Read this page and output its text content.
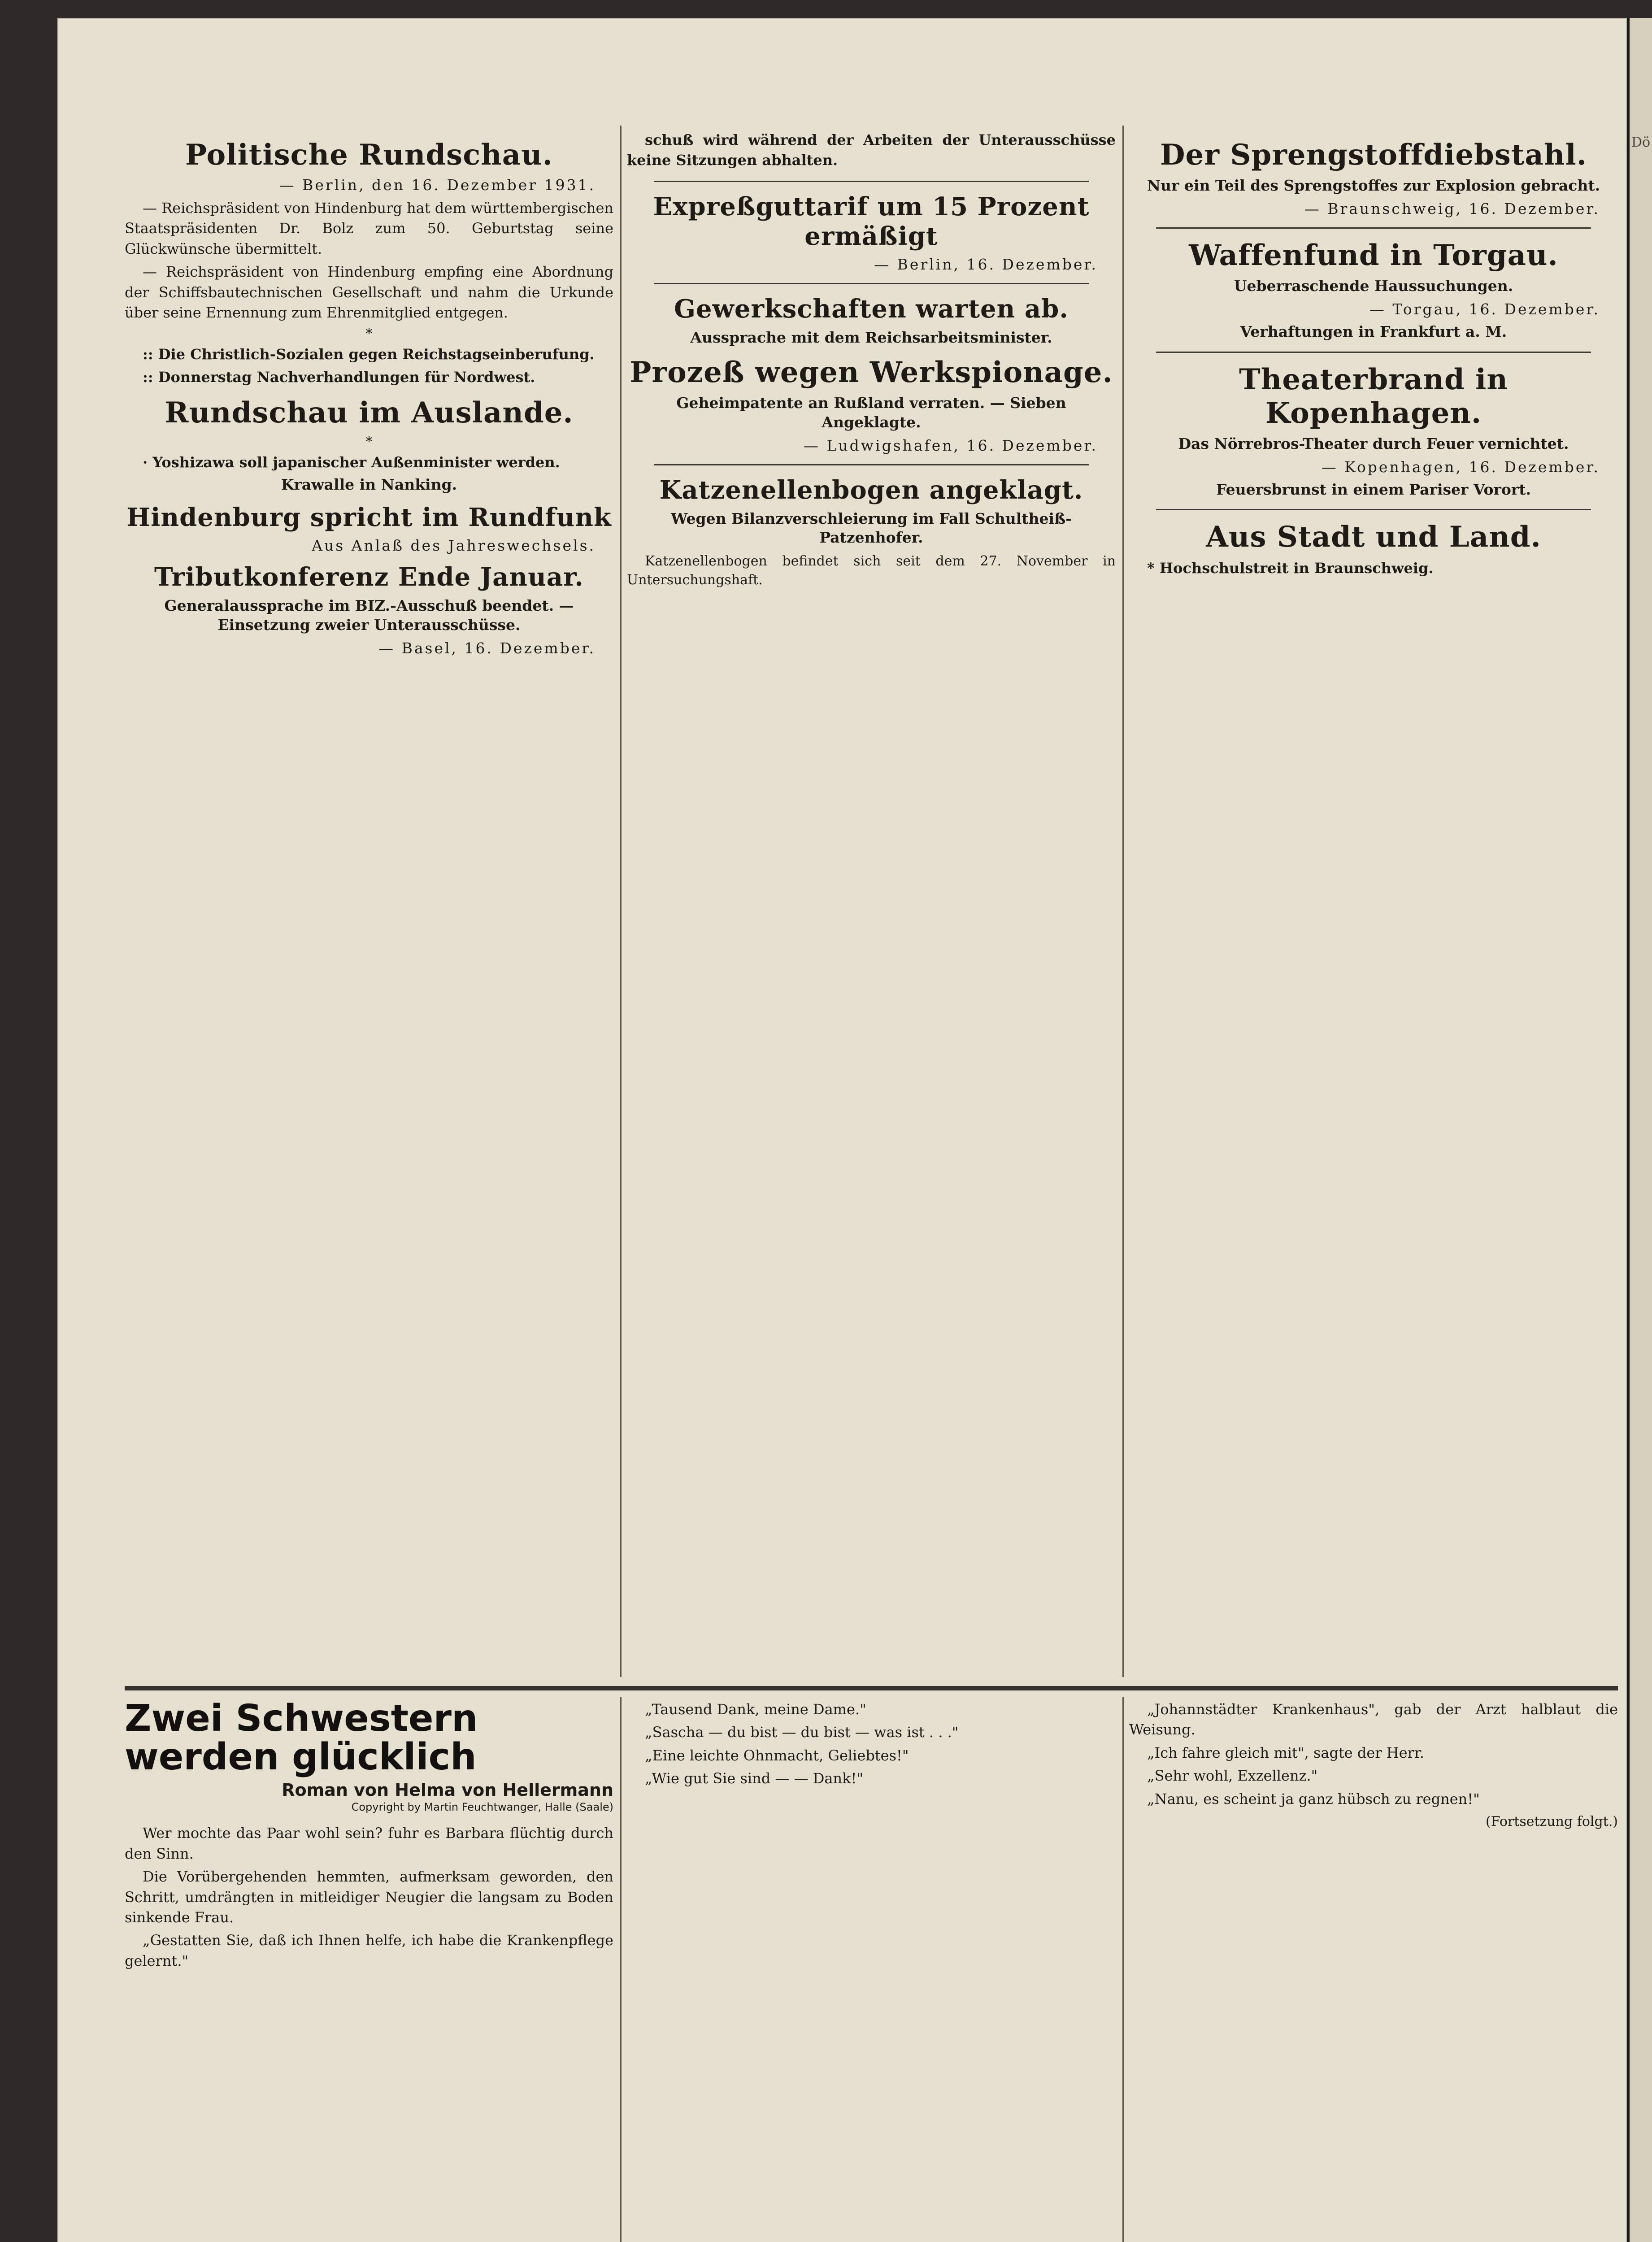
Politische Rundschau.
— Berlin, den 16. Dezember 1931.

— Reichspräsident von Hindenburg hat dem württembergischen Staatspräsidenten Dr. Bolz zum 50. Geburtstag seine Glückwünsche übermittelt.

— Reichspräsident von Hindenburg empfing eine Abordnung der Schiffsbautechnischen Gesellschaft und nahm die Urkunde über seine Ernennung zum Ehrenmitglied entgegen.

*

:: Die Christlich-Sozialen gegen Reichstagseinberufung.

:: Donnerstag Nachverhandlungen für Nordwest.

Rundschau im Auslande.
*

· Yoshizawa soll japanischer Außenminister werden.

Krawalle in Nanking.
Hindenburg spricht im Rundfunk
Aus Anlaß des Jahreswechsels.
Tributkonferenz Ende Januar.
Generalaussprache im BIZ.-Ausschuß beendet. — Einsetzung zweier Unterausschüsse.
— Basel, 16. Dezember.

schuß wird während der Arbeiten der Unterausschüsse keine Sitzungen abhalten.

Expreßguttarif um 15 Prozent ermäßigt
— Berlin, 16. Dezember.
Gewerkschaften warten ab.
Aussprache mit dem Reichsarbeitsminister.
Prozeß wegen Werkspionage.
Geheimpatente an Rußland verraten. — Sieben Angeklagte.
— Ludwigshafen, 16. Dezember.
Katzenellenbogen angeklagt.
Wegen Bilanzverschleierung im Fall Schultheiß-Patzenhofer.

Katzenellenbogen befindet sich seit dem 27. November in Untersuchungshaft.

Der Sprengstoffdiebstahl.
Nur ein Teil des Sprengstoffes zur Explosion gebracht.
— Braunschweig, 16. Dezember.
Waffenfund in Torgau.
Ueberraschende Haussuchungen.
— Torgau, 16. Dezember.
Verhaftungen in Frankfurt a. M.
Theaterbrand in Kopenhagen.
Das Nörrebros-Theater durch Feuer vernichtet.
— Kopenhagen, 16. Dezember.
Feuersbrunst in einem Pariser Vorort.
Aus Stadt und Land.

* Hochschulstreit in Braunschweig.

Zwei Schwestern
werden glücklich
Roman von Helma von Hellermann
Copyright by Martin Feuchtwanger, Halle (Saale)

Wer mochte das Paar wohl sein? fuhr es Barbara flüchtig durch den Sinn.

Die Vorübergehenden hemmten, aufmerksam geworden, den Schritt, umdrängten in mitleidiger Neugier die langsam zu Boden sinkende Frau.

„Gestatten Sie, daß ich Ihnen helfe, ich habe die Krankenpflege gelernt."

„Tausend Dank, meine Dame."

„Sascha — du bist — du bist — was ist . . ."

„Eine leichte Ohnmacht, Geliebtes!"

„Wie gut Sie sind — — Dank!"

„Johannstädter Krankenhaus", gab der Arzt halblaut die Weisung.

„Ich fahre gleich mit", sagte der Herr.

„Sehr wohl, Exzellenz."

„Nanu, es scheint ja ganz hübsch zu regnen!"

(Fortsetzung folgt.)
Dö
